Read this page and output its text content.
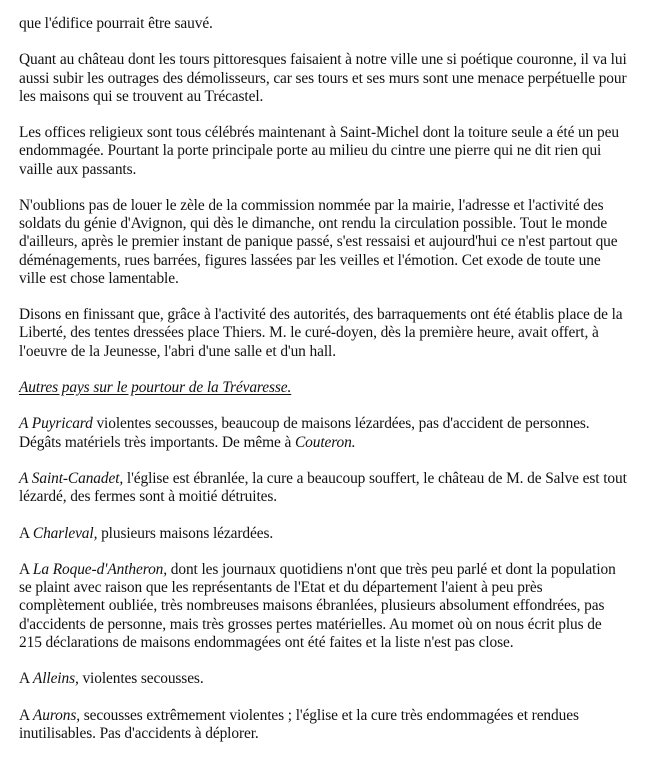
que l'édifice pourrait être sauvé.

Quant au château dont les tours pittoresques faisaient à notre ville une si poétique couronne, il va lui aussi subir les outrages des démolisseurs, car ses tours et ses murs sont une menace perpétuelle pour les maisons qui se trouvent au Trécastel.

Les offices religieux sont tous célébrés maintenant à Saint-Michel dont la toiture seule a été un peu endommagée. Pourtant la porte principale porte au milieu du cintre une pierre qui ne dit rien qui vaille aux passants.

N'oublions pas de louer le zèle de la commission nommée par la mairie, l'adresse et l'activité des soldats du génie d'Avignon, qui dès le dimanche, ont rendu la circulation possible. Tout le monde d'ailleurs, après le premier instant de panique passé, s'est ressaisi et aujourd'hui ce n'est partout que déménagements, rues barrées, figures lassées par les veilles et l'émotion. Cet exode de toute une ville est chose lamentable.

Disons en finissant que, grâce à l'activité des autorités, des barraquements ont été établis place de la Liberté, des tentes dressées place Thiers. M. le curé-doyen, dès la première heure, avait offert, à l'oeuvre de la Jeunesse, l'abri d'une salle et d'un hall.

Autres pays sur le pourtour de la Trévaresse.

A Puyricard violentes secousses, beaucoup de maisons lézardées, pas d'accident de personnes. Dégâts matériels très importants. De même à Couteron.

A Saint-Canadet, l'église est ébranlée, la cure a beaucoup souffert, le château de M. de Salve est tout lézardé, des fermes sont à moitié détruites.

A Charleval, plusieurs maisons lézardées.

A La Roque-d'Antheron, dont les journaux quotidiens n'ont que très peu parlé et dont la population se plaint avec raison que les représentants de l'Etat et du département l'aient à peu près complètement oubliée, très nombreuses maisons ébranlées, plusieurs absolument effondrées, pas d'accidents de personne, mais très grosses pertes matérielles. Au momet où on nous écrit plus de 215 déclarations de maisons endommagées ont été faites et la liste n'est pas close.

A Alleins, violentes secousses.

A Aurons, secousses extrêmement violentes ; l'église et la cure très endommagées et rendues inutilisables. Pas d'accidents à déplorer.
